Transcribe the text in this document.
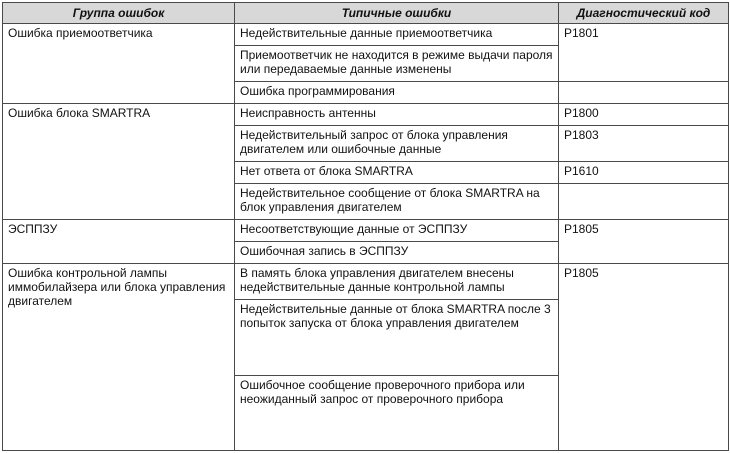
Группа ошибок	Типичные ошибки	Диагностический код
Ошибка приемоответчика	Недействительные данные приемоответчика	P1801
	Приемоответчик не находится в режиме выдачи пароля или передаваемые данные изменены	
	Ошибка программирования	
Ошибка блока SMARTRA	Неисправность антенны	P1800
	Недействительный запрос от блока управления двигателем или ошибочные данные	P1803
	Нет ответа от блока SMARTRA	P1610
	Недействительное сообщение от блока SMARTRA на блок управления двигателем	
ЭСППЗУ	Несоответствующие данные от ЭСППЗУ	P1805
	Ошибочная запись в ЭСППЗУ	
Ошибка контрольной лампы иммобилайзера или блока управления двигателем	В память блока управления двигателем внесены недействительные данные контрольной лампы	P1805
	Недействительные данные от блока SMARTRA после 3 попыток запуска от блока управления двигателем	
	Ошибочное сообщение проверочного прибора или неожиданный запрос от проверочного прибора	
